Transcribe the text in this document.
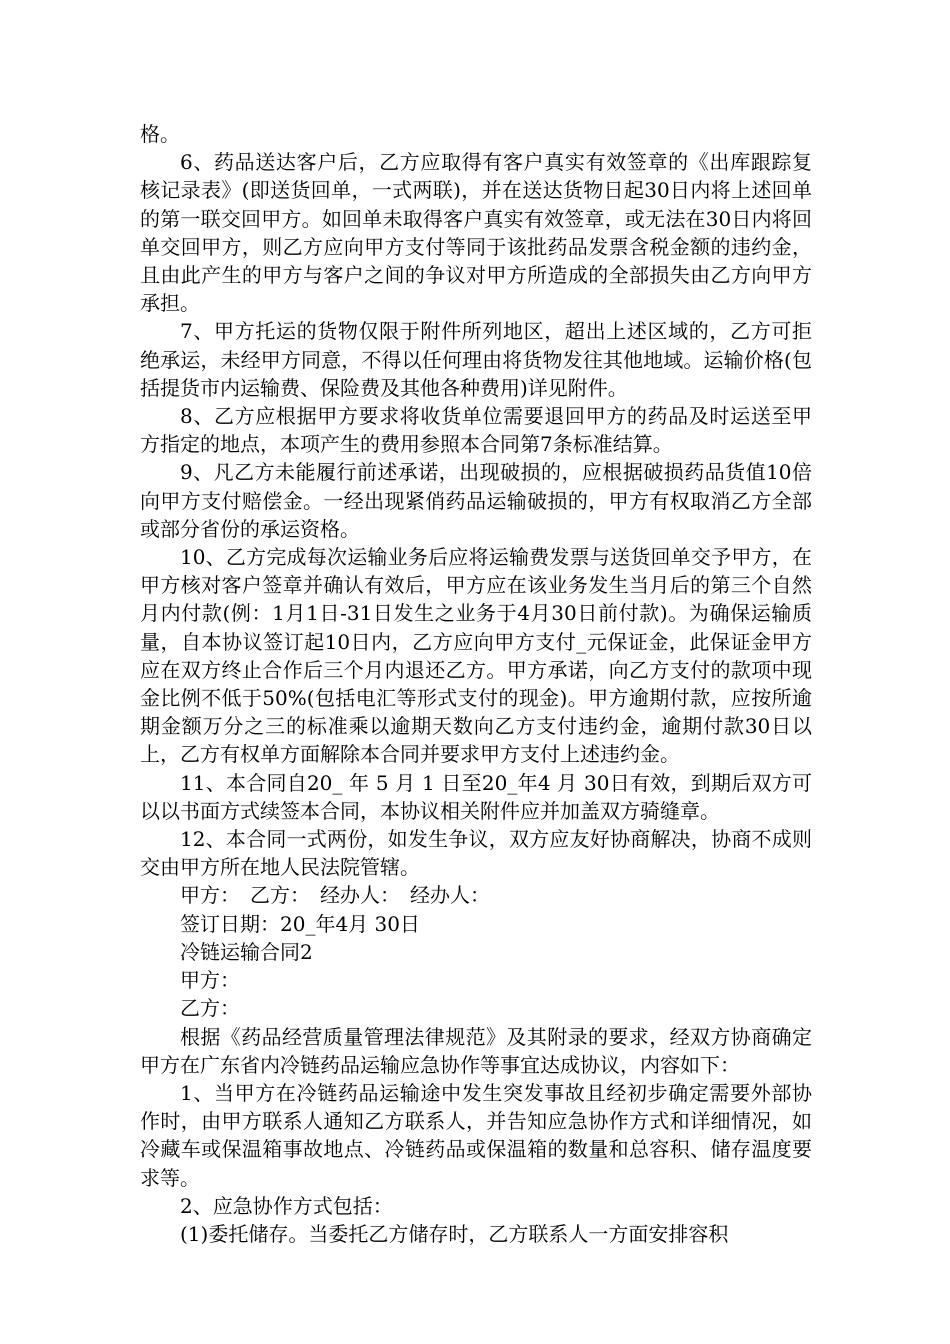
格。

6、药品送达客户后，乙方应取得有客户真实有效签章的《出库跟踪复核记录表》(即送货回单，一式两联)，并在送达货物日起30日内将上述回单的第一联交回甲方。如回单未取得客户真实有效签章，或无法在30日内将回单交回甲方，则乙方应向甲方支付等同于该批药品发票含税金额的违约金，且由此产生的甲方与客户之间的争议对甲方所造成的全部损失由乙方向甲方承担。

7、甲方托运的货物仅限于附件所列地区，超出上述区域的，乙方可拒绝承运，未经甲方同意，不得以任何理由将货物发往其他地域。运输价格(包括提货市内运输费、保险费及其他各种费用)详见附件。

8、乙方应根据甲方要求将收货单位需要退回甲方的药品及时运送至甲方指定的地点，本项产生的费用参照本合同第7条标准结算。

9、凡乙方未能履行前述承诺，出现破损的，应根据破损药品货值10倍向甲方支付赔偿金。一经出现紧俏药品运输破损的，甲方有权取消乙方全部或部分省份的承运资格。

10、乙方完成每次运输业务后应将运输费发票与送货回单交予甲方，在甲方核对客户签章并确认有效后，甲方应在该业务发生当月后的第三个自然月内付款(例：1月1日-31日发生之业务于4月30日前付款)。为确保运输质量，自本协议签订起10日内，乙方应向甲方支付_元保证金，此保证金甲方应在双方终止合作后三个月内退还乙方。甲方承诺，向乙方支付的款项中现金比例不低于50%(包括电汇等形式支付的现金)。甲方逾期付款，应按所逾期金额万分之三的标准乘以逾期天数向乙方支付违约金，逾期付款30日以上，乙方有权单方面解除本合同并要求甲方支付上述违约金。

11、本合同自20_ 年 5 月 1 日至20_年4 月 30日有效，到期后双方可以以书面方式续签本合同，本协议相关附件应并加盖双方骑缝章。

12、本合同一式两份，如发生争议，双方应友好协商解决，协商不成则交由甲方所在地人民法院管辖。

甲方： 乙方： 经办人： 经办人：

签订日期：20_年4月 30日

冷链运输合同2

甲方：

乙方：

根据《药品经营质量管理法律规范》及其附录的要求，经双方协商确定甲方在广东省内冷链药品运输应急协作等事宜达成协议，内容如下：

1、当甲方在冷链药品运输途中发生突发事故且经初步确定需要外部协作时，由甲方联系人通知乙方联系人，并告知应急协作方式和详细情况，如冷藏车或保温箱事故地点、冷链药品或保温箱的数量和总容积、储存温度要求等。

2、应急协作方式包括：

(1)委托储存。当委托乙方储存时，乙方联系人一方面安排容积
